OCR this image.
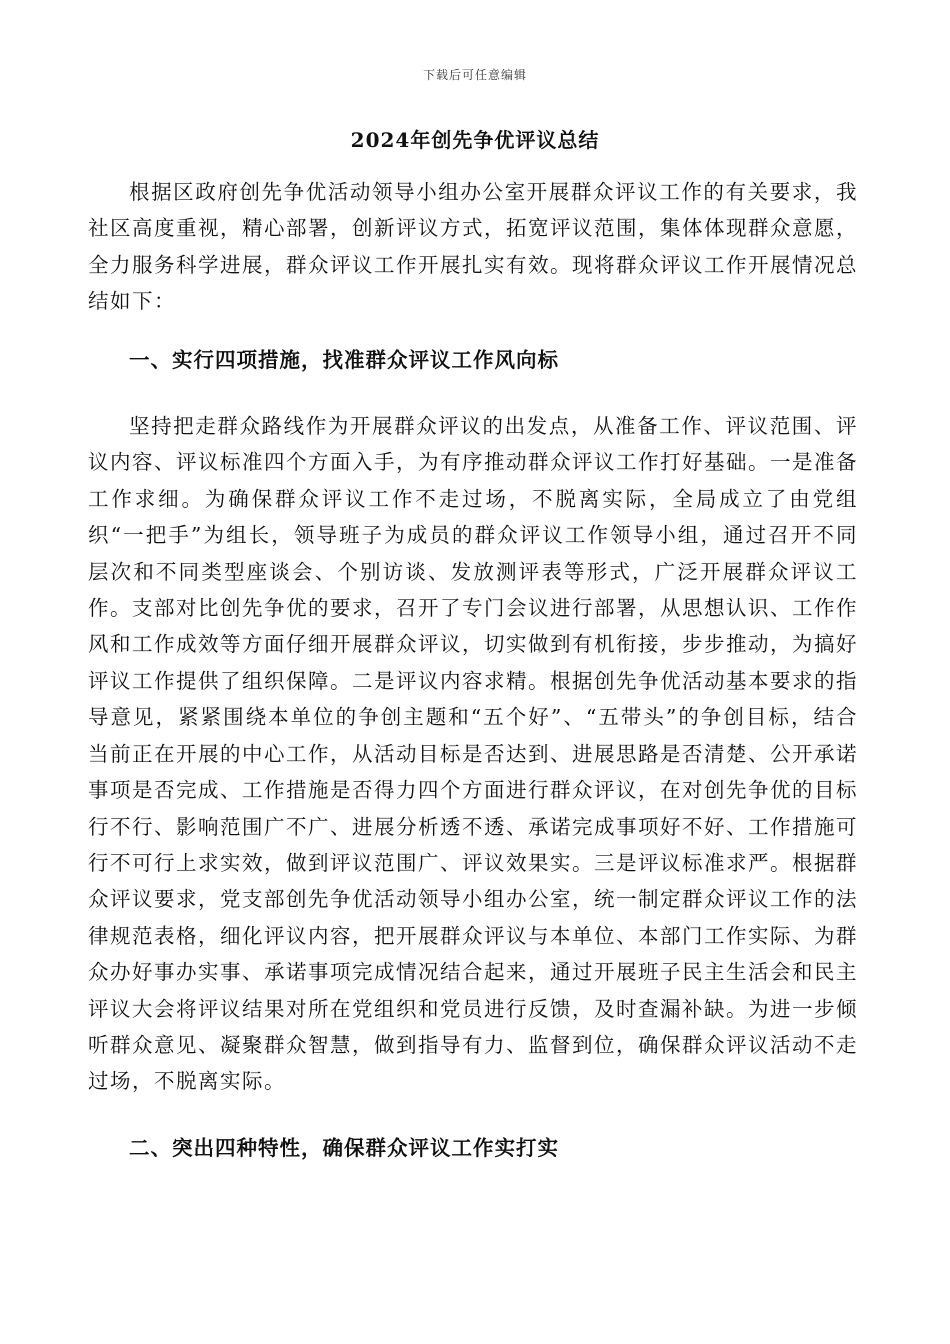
下载后可任意编辑
2024年创先争优评议总结

根据区政府创先争优活动领导小组办公室开展群众评议工作的有关要求，我社区高度重视，精心部署，创新评议方式，拓宽评议范围，集体体现群众意愿，全力服务科学进展，群众评议工作开展扎实有效。现将群众评议工作开展情况总结如下：

一、实行四项措施，找准群众评议工作风向标

坚持把走群众路线作为开展群众评议的出发点，从准备工作、评议范围、评议内容、评议标准四个方面入手，为有序推动群众评议工作打好基础。一是准备工作求细。为确保群众评议工作不走过场，不脱离实际，全局成立了由党组织“一把手”为组长，领导班子为成员的群众评议工作领导小组，通过召开不同层次和不同类型座谈会、个别访谈、发放测评表等形式，广泛开展群众评议工作。支部对比创先争优的要求，召开了专门会议进行部署，从思想认识、工作作风和工作成效等方面仔细开展群众评议，切实做到有机衔接，步步推动，为搞好评议工作提供了组织保障。二是评议内容求精。根据创先争优活动基本要求的指导意见，紧紧围绕本单位的争创主题和“五个好”、“五带头”的争创目标，结合当前正在开展的中心工作，从活动目标是否达到、进展思路是否清楚、公开承诺事项是否完成、工作措施是否得力四个方面进行群众评议，在对创先争优的目标行不行、影响范围广不广、进展分析透不透、承诺完成事项好不好、工作措施可行不可行上求实效，做到评议范围广、评议效果实。三是评议标准求严。根据群众评议要求，党支部创先争优活动领导小组办公室，统一制定群众评议工作的法律规范表格，细化评议内容，把开展群众评议与本单位、本部门工作实际、为群众办好事办实事、承诺事项完成情况结合起来，通过开展班子民主生活会和民主评议大会将评议结果对所在党组织和党员进行反馈，及时查漏补缺。为进一步倾听群众意见、凝聚群众智慧，做到指导有力、监督到位，确保群众评议活动不走过场，不脱离实际。

二、突出四种特性，确保群众评议工作实打实
